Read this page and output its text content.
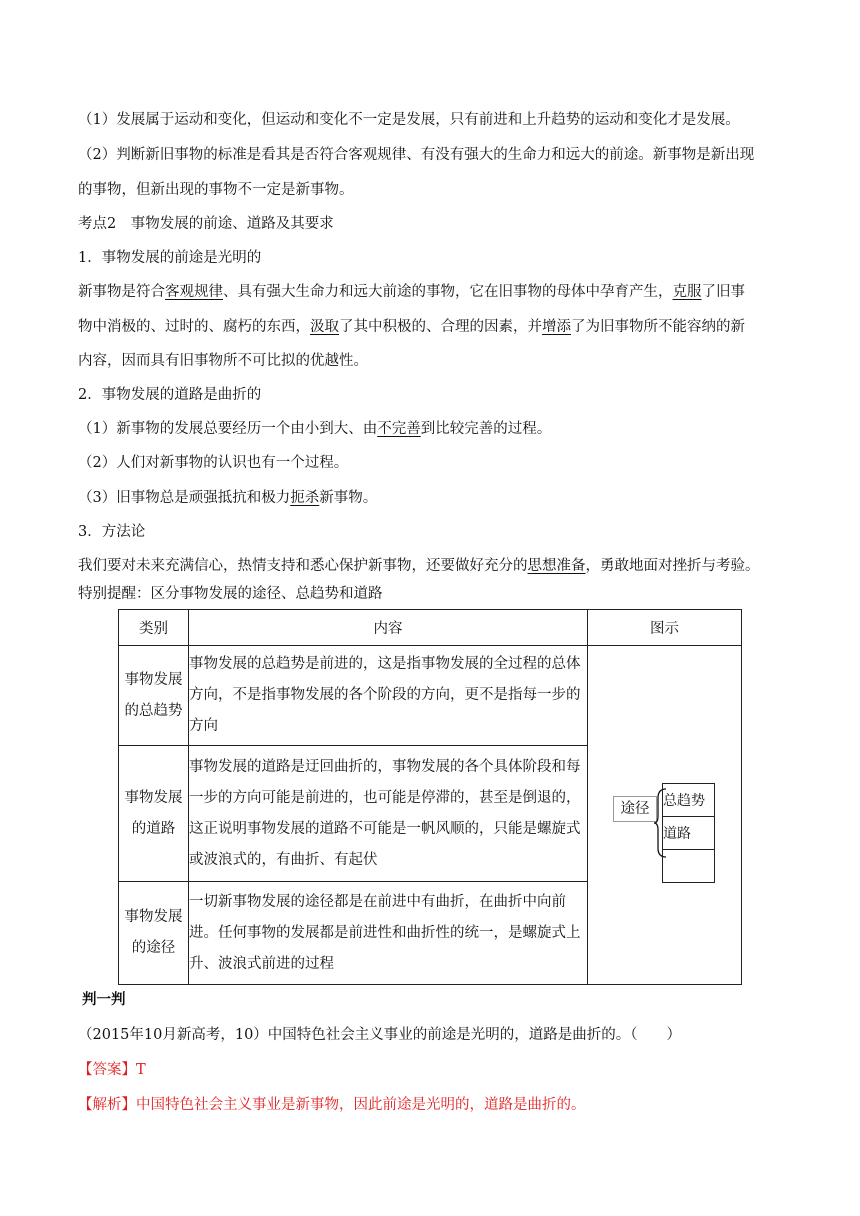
（1）发展属于运动和变化，但运动和变化不一定是发展，只有前进和上升趋势的运动和变化才是发展。
（2）判断新旧事物的标准是看其是否符合客观规律、有没有强大的生命力和远大的前途。新事物是新出现
的事物，但新出现的事物不一定是新事物。
考点2　事物发展的前途、道路及其要求
1．事物发展的前途是光明的
新事物是符合客观规律、具有强大生命力和远大前途的事物，它在旧事物的母体中孕育产生，克服了旧事
物中消极的、过时的、腐朽的东西，汲取了其中积极的、合理的因素，并增添了为旧事物所不能容纳的新
内容，因而具有旧事物所不可比拟的优越性。
2．事物发展的道路是曲折的
（1）新事物的发展总要经历一个由小到大、由不完善到比较完善的过程。
（2）人们对新事物的认识也有一个过程。
（3）旧事物总是顽强抵抗和极力扼杀新事物。
3．方法论
我们要对未来充满信心，热情支持和悉心保护新事物，还要做好充分的思想准备，勇敢地面对挫折与考验。
特别提醒：区分事物发展的途径、总趋势和道路
类别	内容	图示
事物发展的总趋势	事物发展的总趋势是前进的，这是指事物发展的全过程的总体方向，不是指事物发展的各个阶段的方向，更不是指每一步的方向	
途径 总趋势
道路

事物发展的道路	事物发展的道路是迂回曲折的，事物发展的各个具体阶段和每一步的方向可能是前进的，也可能是停滞的，甚至是倒退的，这正说明事物发展的道路不可能是一帆风顺的，只能是螺旋式或波浪式的，有曲折、有起伏
事物发展的途径	一切新事物发展的途径都是在前进中有曲折，在曲折中向前进。任何事物的发展都是前进性和曲折性的统一，是螺旋式上升、波浪式前进的过程
判一判
（2015年10月新高考，10）中国特色社会主义事业的前途是光明的，道路是曲折的。（　　）
【答案】T
【解析】中国特色社会主义事业是新事物，因此前途是光明的，道路是曲折的。
